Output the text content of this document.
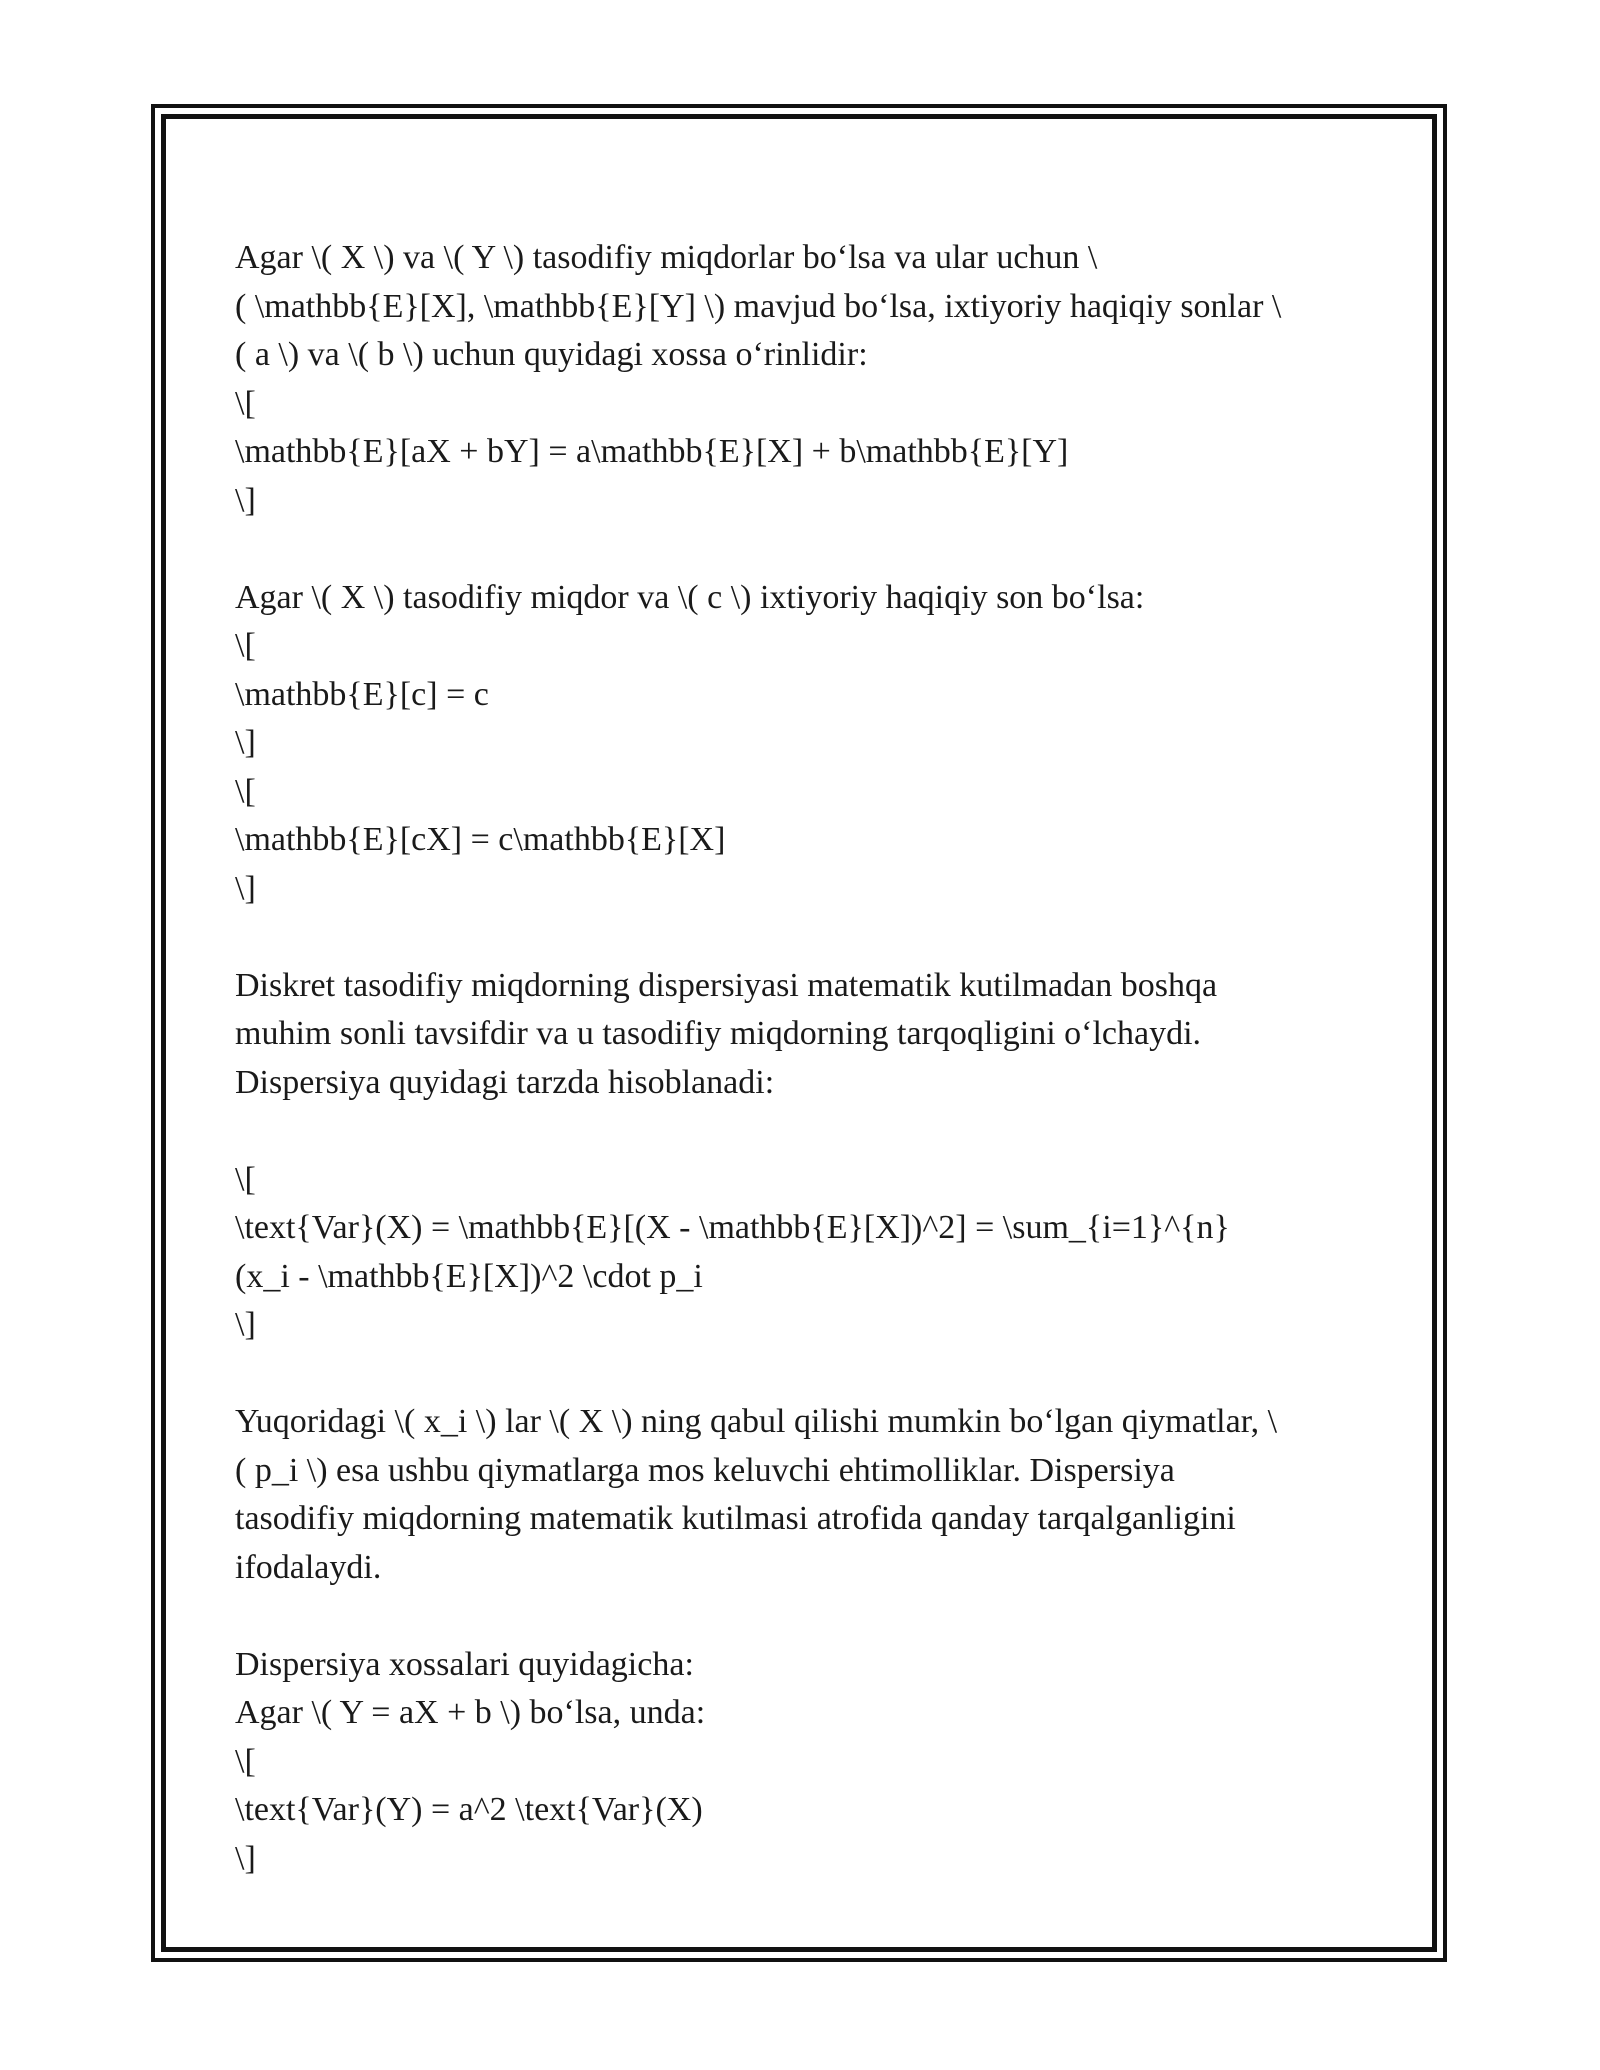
Agar \( X \) va \( Y \) tasodifiy miqdorlar bo‘lsa va ular uchun \
( \mathbb{E}[X], \mathbb{E}[Y] \) mavjud bo‘lsa, ixtiyoriy haqiqiy sonlar \
( a \) va \( b \) uchun quyidagi xossa o‘rinlidir:
\[
\mathbb{E}[aX + bY] = a\mathbb{E}[X] + b\mathbb{E}[Y]
\]
Agar \( X \) tasodifiy miqdor va \( c \) ixtiyoriy haqiqiy son bo‘lsa:
\[
\mathbb{E}[c] = c
\]
\[
\mathbb{E}[cX] = c\mathbb{E}[X]
\]
Diskret tasodifiy miqdorning dispersiyasi matematik kutilmadan boshqa
muhim sonli tavsifdir va u tasodifiy miqdorning tarqoqligini o‘lchaydi.
Dispersiya quyidagi tarzda hisoblanadi:
\[
\text{Var}(X) = \mathbb{E}[(X - \mathbb{E}[X])^2] = \sum_{i=1}^{n}
(x_i - \mathbb{E}[X])^2 \cdot p_i
\]
Yuqoridagi \( x_i \) lar \( X \) ning qabul qilishi mumkin bo‘lgan qiymatlar, \
( p_i \) esa ushbu qiymatlarga mos keluvchi ehtimolliklar. Dispersiya
tasodifiy miqdorning matematik kutilmasi atrofida qanday tarqalganligini
ifodalaydi.
Dispersiya xossalari quyidagicha:
Agar \( Y = aX + b \) bo‘lsa, unda:
\[
\text{Var}(Y) = a^2 \text{Var}(X)
\]
